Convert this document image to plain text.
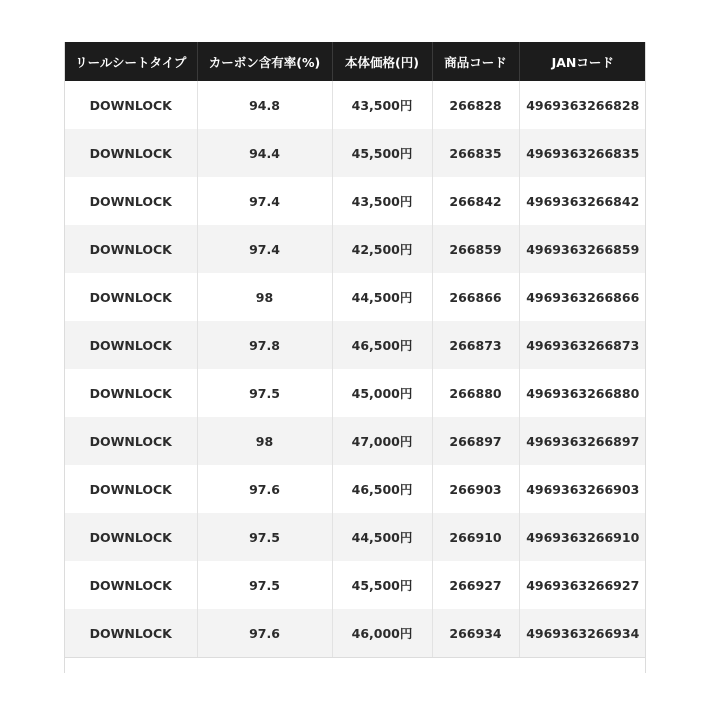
リールシートタイプ	カーボン含有率(%)	本体価格(円)	商品コード	JANコード
DOWNLOCK	94.8	43,500円	266828	4969363266828
DOWNLOCK	94.4	45,500円	266835	4969363266835
DOWNLOCK	97.4	43,500円	266842	4969363266842
DOWNLOCK	97.4	42,500円	266859	4969363266859
DOWNLOCK	98	44,500円	266866	4969363266866
DOWNLOCK	97.8	46,500円	266873	4969363266873
DOWNLOCK	97.5	45,000円	266880	4969363266880
DOWNLOCK	98	47,000円	266897	4969363266897
DOWNLOCK	97.6	46,500円	266903	4969363266903
DOWNLOCK	97.5	44,500円	266910	4969363266910
DOWNLOCK	97.5	45,500円	266927	4969363266927
DOWNLOCK	97.6	46,000円	266934	4969363266934
